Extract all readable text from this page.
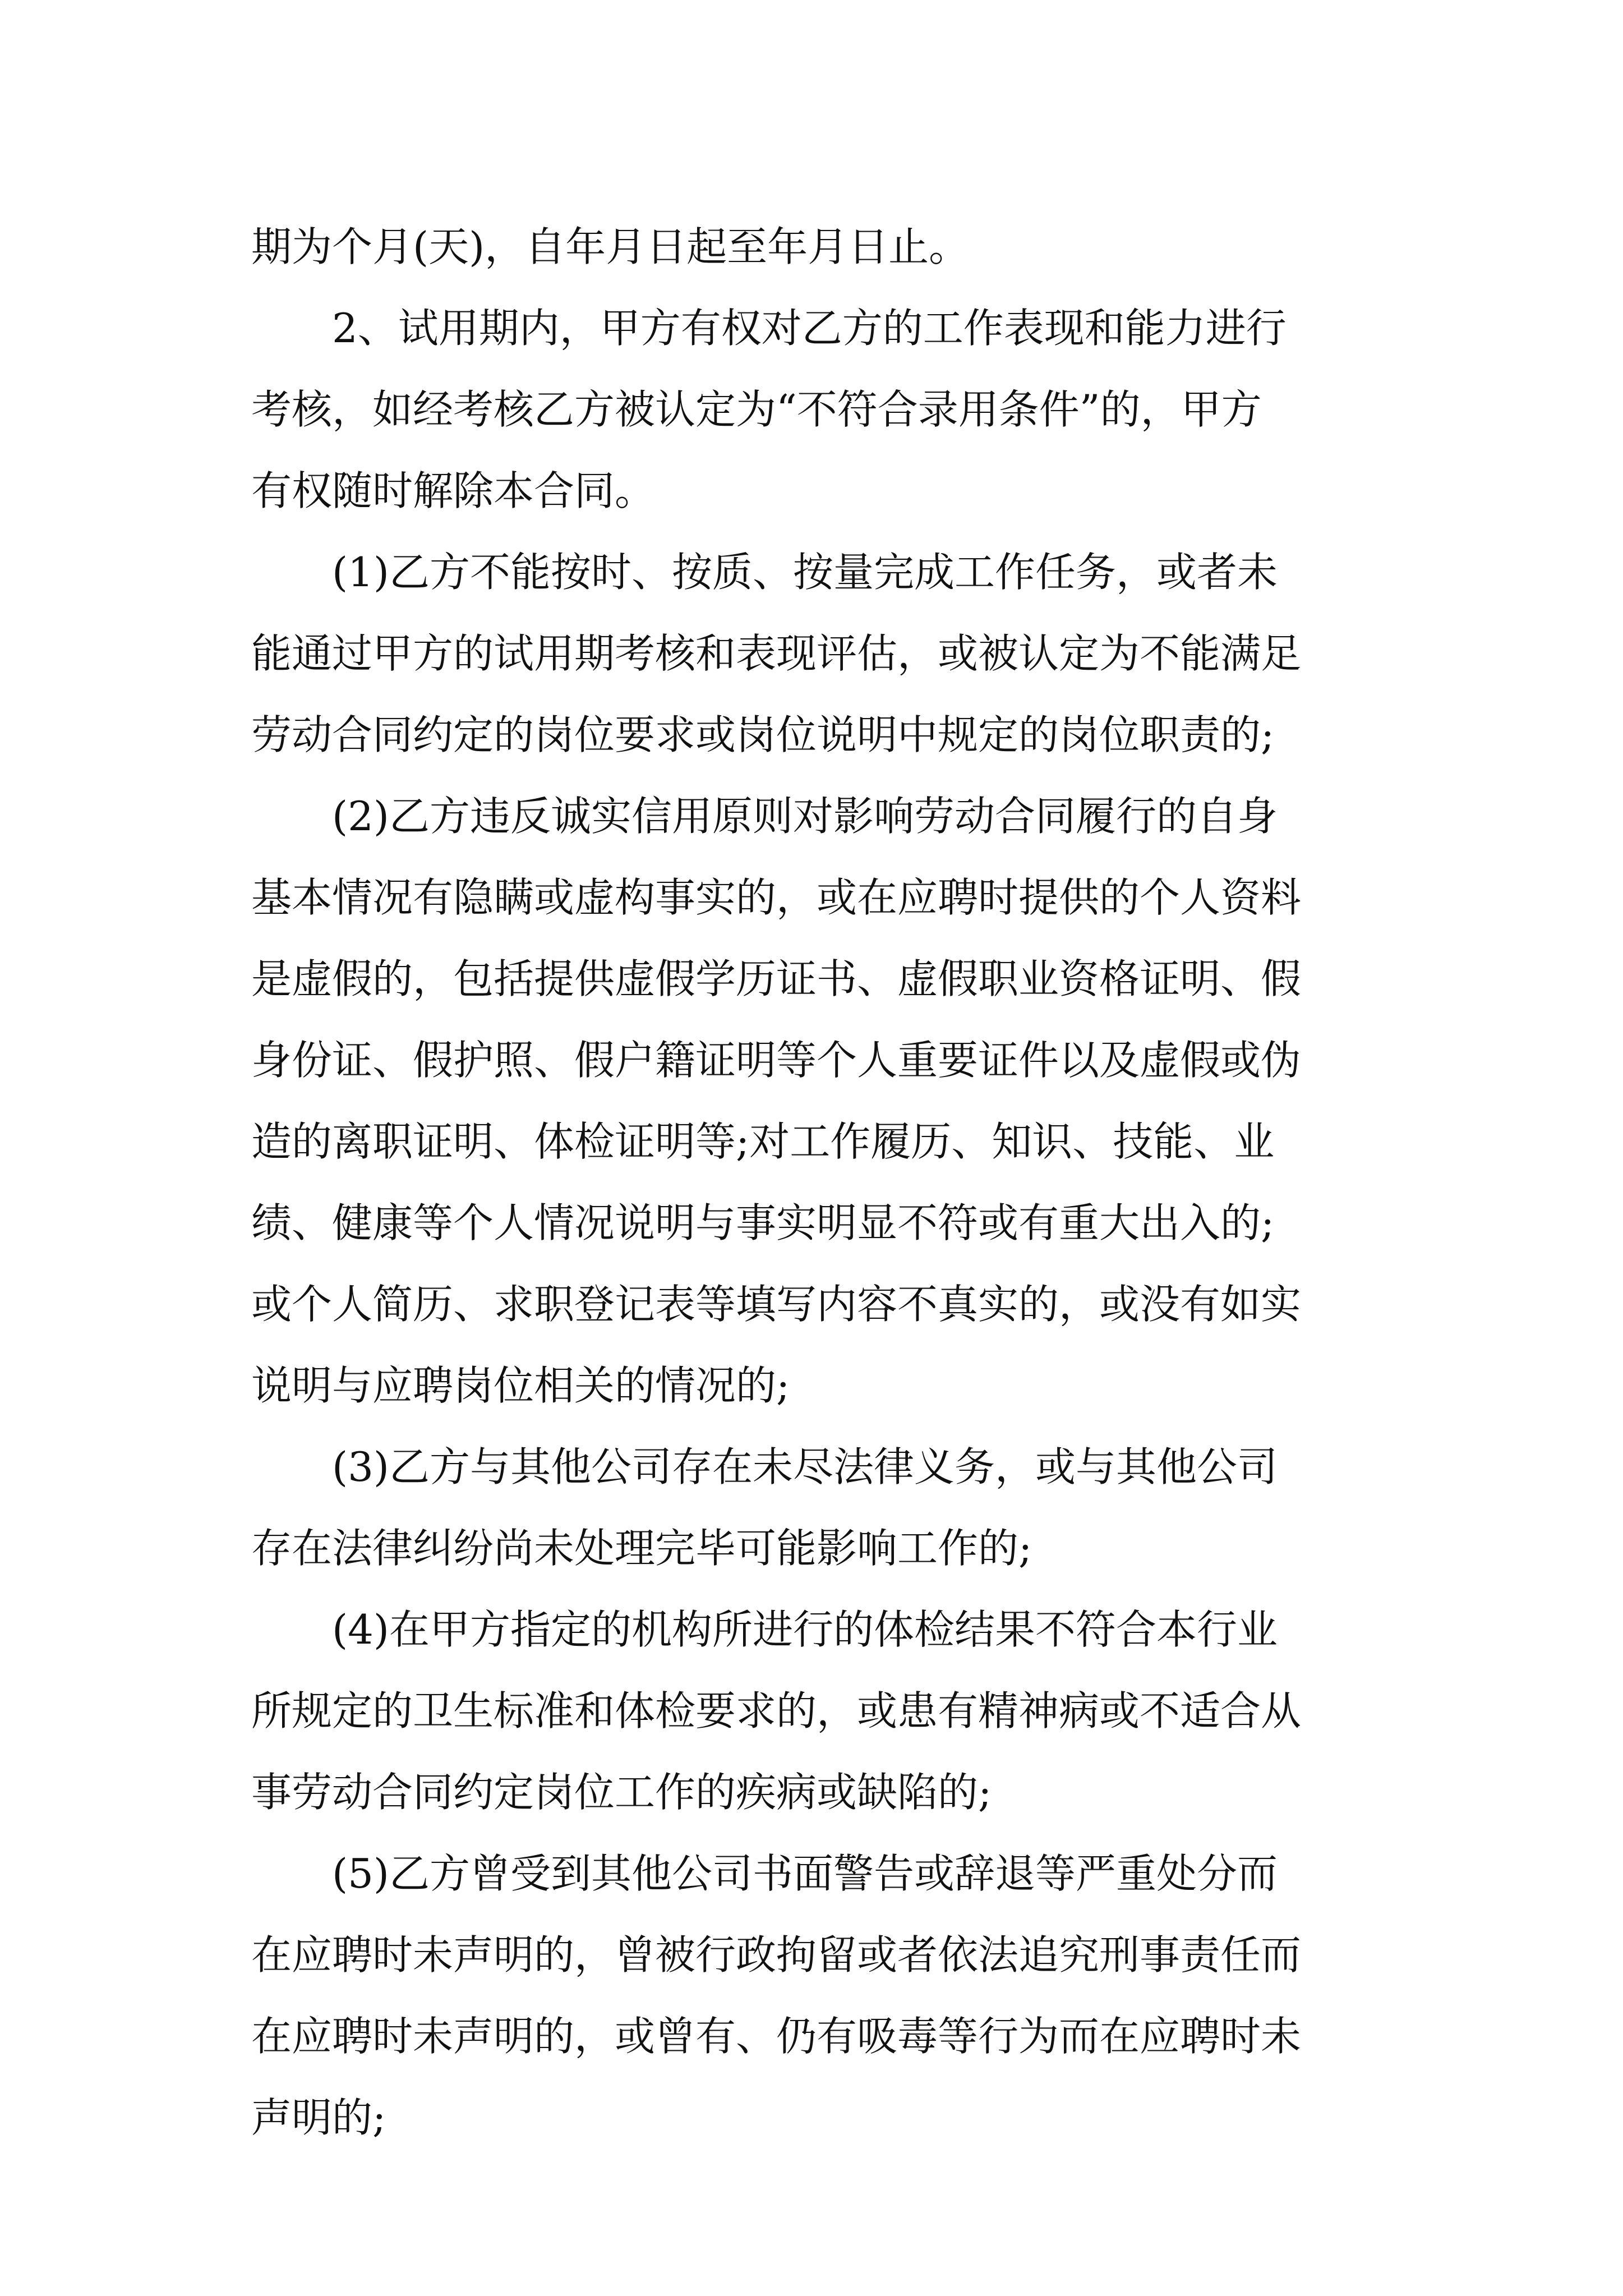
期为个月(天)，自年月日起至年月日止。
2、试用期内，甲方有权对乙方的工作表现和能力进行
考核，如经考核乙方被认定为“不符合录用条件”的，甲方
有权随时解除本合同。
(1)乙方不能按时、按质、按量完成工作任务，或者未
能通过甲方的试用期考核和表现评估，或被认定为不能满足
劳动合同约定的岗位要求或岗位说明中规定的岗位职责的;
(2)乙方违反诚实信用原则对影响劳动合同履行的自身
基本情况有隐瞒或虚构事实的，或在应聘时提供的个人资料
是虚假的，包括提供虚假学历证书、虚假职业资格证明、假
身份证、假护照、假户籍证明等个人重要证件以及虚假或伪
造的离职证明、体检证明等;对工作履历、知识、技能、业
绩、健康等个人情况说明与事实明显不符或有重大出入的;
或个人简历、求职登记表等填写内容不真实的，或没有如实
说明与应聘岗位相关的情况的;
(3)乙方与其他公司存在未尽法律义务，或与其他公司
存在法律纠纷尚未处理完毕可能影响工作的;
(4)在甲方指定的机构所进行的体检结果不符合本行业
所规定的卫生标准和体检要求的，或患有精神病或不适合从
事劳动合同约定岗位工作的疾病或缺陷的;
(5)乙方曾受到其他公司书面警告或辞退等严重处分而
在应聘时未声明的，曾被行政拘留或者依法追究刑事责任而
在应聘时未声明的，或曾有、仍有吸毒等行为而在应聘时未
声明的;
